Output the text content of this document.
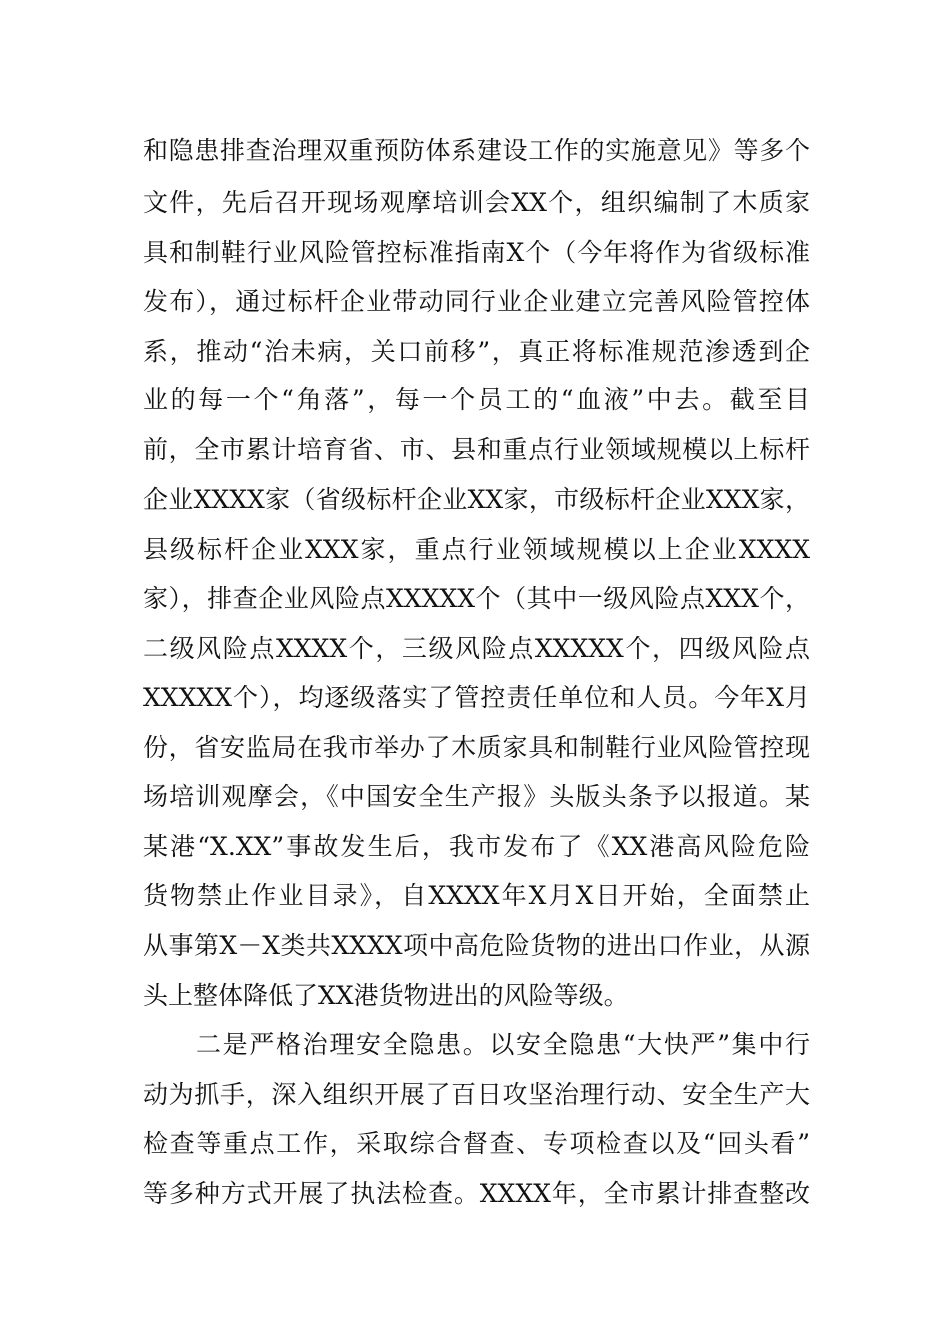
和隐患排查治理双重预防体系建设工作的实施意见》等多个
文件，先后召开现场观摩培训会XX个，组织编制了木质家
具和制鞋行业风险管控标准指南X个（今年将作为省级标准
发布），通过标杆企业带动同行业企业建立完善风险管控体
系，推动“治未病，关口前移”，真正将标准规范渗透到企
业的每一个“角落”，每一个员工的“血液”中去。截至目
前，全市累计培育省、市、县和重点行业领域规模以上标杆
企业XXXX家（省级标杆企业XX家，市级标杆企业XXX家，
县级标杆企业XXX家，重点行业领域规模以上企业XXXX
家），排查企业风险点XXXXX个（其中一级风险点XXX个，
二级风险点XXXX个，三级风险点XXXXX个，四级风险点
XXXXX个），均逐级落实了管控责任单位和人员。今年X月
份，省安监局在我市举办了木质家具和制鞋行业风险管控现
场培训观摩会，《中国安全生产报》头版头条予以报道。某
某港“X.XX”事故发生后，我市发布了《XX港高风险危险
货物禁止作业目录》，自XXXX年X月X日开始，全面禁止
从事第X－X类共XXXX项中高危险货物的进出口作业，从源
头上整体降低了XX港货物进出的风险等级。
二是严格治理安全隐患。以安全隐患“大快严”集中行
动为抓手，深入组织开展了百日攻坚治理行动、安全生产大
检查等重点工作，采取综合督查、专项检查以及“回头看”
等多种方式开展了执法检查。XXXX年，全市累计排查整改
